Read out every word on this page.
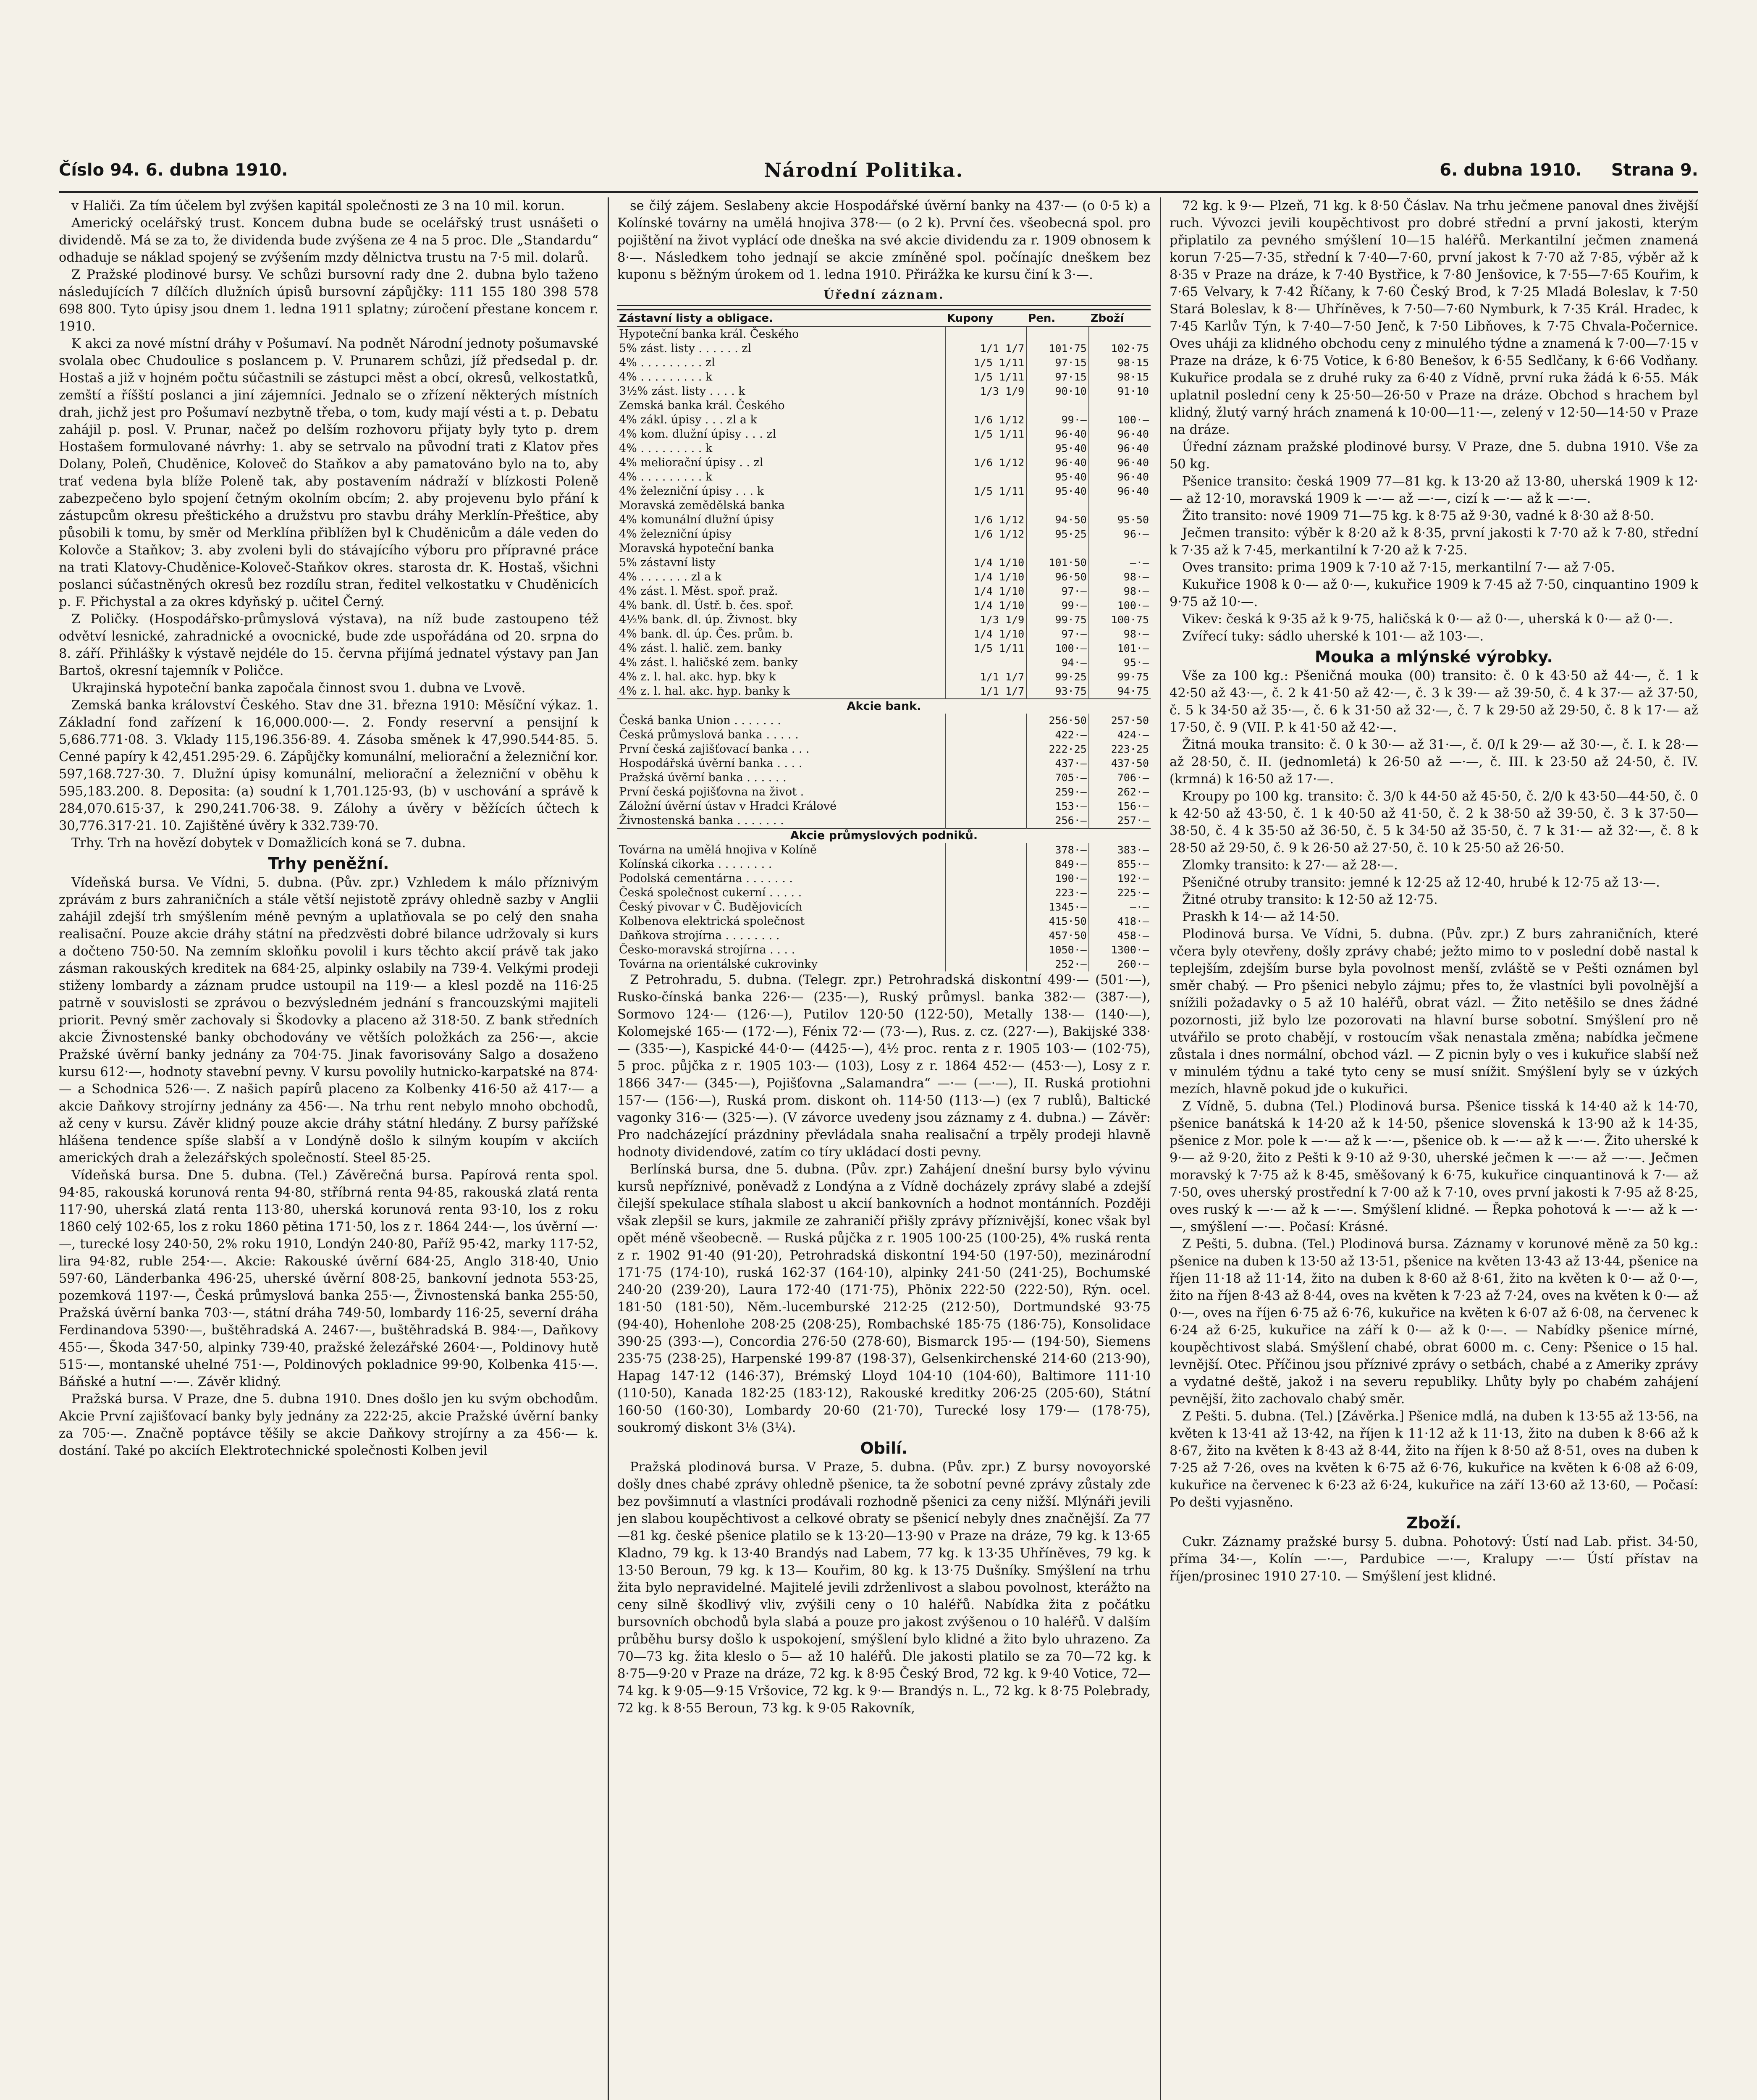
Číslo 94. 6. dubna 1910.	Národní Politika.	6. dubna 1910. Strana 9.

v Haliči. Za tím účelem byl zvýšen kapitál společnosti ze 3 na 10 mil. korun.

Americký ocelářský trust. Koncem dubna bude se ocelářský trust usnášeti o dividendě. Má se za to, že dividenda bude zvýšena ze 4 na 5 proc. Dle „Standardu“ odhaduje se náklad spojený se zvýšením mzdy dělnictva trustu na 7·5 mil. dolarů.

Z Pražské plodinové bursy. Ve schůzi bursovní rady dne 2. dubna bylo taženo následujících 7 dílčích dlužních úpisů bursovní zápůjčky: 111 155 180 398 578 698 800. Tyto úpisy jsou dnem 1. ledna 1911 splatny; zúročení přestane koncem r. 1910.

K akci za nové místní dráhy v Pošumaví. Na podnět Národní jednoty pošumavské svolala obec Chudoulice s poslancem p. V. Prunarem schůzi, jíž předsedal p. dr. Hostaš a již v hojném počtu súčastnili se zástupci měst a obcí, okresů, velkostatků, zemští a říšští poslanci a jiní zájemníci. Jednalo se o zřízení některých místních drah, jichž jest pro Pošumaví nezbytně třeba, o tom, kudy mají vésti a t. p. Debatu zahájil p. posl. V. Prunar, načež po delším rozhovoru přijaty byly tyto p. drem Hostašem formulované návrhy: 1. aby se setrvalo na původní trati z Klatov přes Dolany, Poleň, Chuděnice, Koloveč do Staňkov a aby pamatováno bylo na to, aby trať vedena byla blíže Poleně tak, aby postavením nádraží v blízkosti Poleně zabezpečeno bylo spojení četným okolním obcím; 2. aby projevenu bylo přání k zástupcům okresu přeštického a družstvu pro stavbu dráhy Merklín-Přeštice, aby působili k tomu, by směr od Merklína přiblížen byl k Chuděnicům a dále veden do Kolovče a Staňkov; 3. aby zvoleni byli do stávajícího výboru pro přípravné práce na trati Klatovy-Chuděnice-Koloveč-Staňkov okres. starosta dr. K. Hostaš, všichni poslanci súčastněných okresů bez rozdílu stran, ředitel velkostatku v Chuděnicích p. F. Přichystal a za okres kdyňský p. učitel Černý.

Z Poličky. (Hospodářsko-průmyslová výstava), na níž bude zastoupeno též odvětví lesnické, zahradnické a ovocnické, bude zde uspořádána od 20. srpna do 8. září. Přihlášky k výstavě nejdéle do 15. června přijímá jednatel výstavy pan Jan Bartoš, okresní tajemník v Poličce.

Ukrajinská hypoteční banka započala činnost svou 1. dubna ve Lvově.

Zemská banka království Českého. Stav dne 31. března 1910: Měsíční výkaz. 1. Základní fond zařízení k 16,000.000·—. 2. Fondy reservní a pensijní k 5,686.771·08. 3. Vklady 115,196.356·89. 4. Zásoba směnek k 47,990.544·85. 5. Cenné papíry k 42,451.295·29. 6. Zápůjčky komunální, meliorační a železniční kor. 597,168.727·30. 7. Dlužní úpisy komunální, meliorační a železniční v oběhu k 595,183.200. 8. Deposita: (a) soudní k 1,701.125·93, (b) v uschování a správě k 284,070.615·37, k 290,241.706·38. 9. Zálohy a úvěry v běžících účtech k 30,776.317·21. 10. Zajištěné úvěry k 332.739·70.

Trhy. Trh na hovězí dobytek v Domažlicích koná se 7. dubna.

Trhy peněžní.

Vídeňská bursa. Ve Vídni, 5. dubna. (Pův. zpr.) Vzhledem k málo příznivým zprávám z burs zahraničních a stále větší nejistotě zprávy ohledně sazby v Anglii zahájil zdejší trh smýšlením méně pevným a uplatňovala se po celý den snaha realisační. Pouze akcie dráhy státní na předzvěsti dobré bilance udržovaly si kurs a dočteno 750·50. Na zemním skloňku povolil i kurs těchto akcií právě tak jako zásman rakouských kreditek na 684·25, alpinky oslabily na 739·4. Velkými prodeji stiženy lombardy a záznam prudce ustoupil na 119·— a klesl pozdě na 116·25 patrně v souvislosti se zprávou o bezvýsledném jednání s francouzskými majiteli priorit. Pevný směr zachovaly si Škodovky a placeno až 318·50. Z bank středních akcie Živnostenské banky obchodovány ve větších položkách za 256·—, akcie Pražské úvěrní banky jednány za 704·75. Jinak favorisovány Salgo a dosaženo kursu 612·—, hodnoty stavební pevny. V kursu povolily hutnicko-karpatské na 874·— a Schodnica 526·—. Z našich papírů placeno za Kolbenky 416·50 až 417·— a akcie Daňkovy strojírny jednány za 456·—. Na trhu rent nebylo mnoho obchodů, až ceny v kursu. Závěr klidný pouze akcie dráhy státní hledány. Z bursy pařížské hlášena tendence spíše slabší a v Londýně došlo k silným koupím v akciích amerických drah a železářských společností. Steel 85·25.

Vídeňská bursa. Dne 5. dubna. (Tel.) Závěrečná bursa. Papírová renta spol. 94·85, rakouská korunová renta 94·80, stříbrná renta 94·85, rakouská zlatá renta 117·90, uherská zlatá renta 113·80, uherská korunová renta 93·10, los z roku 1860 celý 102·65, los z roku 1860 pětina 171·50, los z r. 1864 244·—, los úvěrní —·—, turecké losy 240·50, 2% roku 1910, Londýn 240·80, Paříž 95·42, marky 117·52, lira 94·82, ruble 254·—. Akcie: Rakouské úvěrní 684·25, Anglo 318·40, Unio 597·60, Länderbanka 496·25, uherské úvěrní 808·25, bankovní jednota 553·25, pozemková 1197·—, Česká průmyslová banka 255·—, Živnostenská banka 255·50, Pražská úvěrní banka 703·—, státní dráha 749·50, lombardy 116·25, severní dráha Ferdinandova 5390·—, buštěhradská A. 2467·—, buštěhradská B. 984·—, Daňkovy 455·—, Škoda 347·50, alpinky 739·40, pražské železářské 2604·—, Poldinovy hutě 515·—, montanské uhelné 751·—, Poldinových pokladnice 99·90, Kolbenka 415·—. Báňské a hutní —·—. Závěr klidný.

Pražská bursa. V Praze, dne 5. dubna 1910. Dnes došlo jen ku svým obchodům. Akcie První zajišťovací banky byly jednány za 222·25, akcie Pražské úvěrní banky za 705·—. Značně poptávce těšily se akcie Daňkovy strojírny a za 456·— k. dostání. Také po akciích Elektrotechnické společnosti Kolben jevil

se čilý zájem. Seslabeny akcie Hospodářské úvěrní banky na 437·— (o 0·5 k) a Kolínské továrny na umělá hnojiva 378·— (o 2 k). První čes. všeobecná spol. pro pojištění na život vyplácí ode dneška na své akcie dividendu za r. 1909 obnosem k 8·—. Následkem toho jednají se akcie zmíněné spol. počínajíc dneškem bez kuponu s běžným úrokem od 1. ledna 1910. Přirážka ke kursu činí k 3·—.

Úřední záznam.
Zástavní listy a obligace.	Kupony	Pen.	Zboží
Hypoteční banka král. Českého			
5% zást. listy . . . . . . zl	1/1 1/7	101·75	102·75
4% . . . . . . . . . zl	1/5 1/11	97·15	98·15
4% . . . . . . . . . k	1/5 1/11	97·15	98·15
3½% zást. listy . . . . k	1/3 1/9	90·10	91·10
Zemská banka král. Českého			
4% zákl. úpisy . . . zl a k	1/6 1/12	99·—	100·—
4% kom. dlužní úpisy . . . zl	1/5 1/11	96·40	96·40
4% . . . . . . . . . k		95·40	96·40
4% meliorační úpisy . . zl	1/6 1/12	96·40	96·40
4% . . . . . . . . . k		95·40	96·40
4% železniční úpisy . . . k	1/5 1/11	95·40	96·40
Moravská zemědělská banka			
4% komunální dlužní úpisy	1/6 1/12	94·50	95·50
4% železniční úpisy	1/6 1/12	95·25	96·—
Moravská hypoteční banka			
5% zástavní listy	1/4 1/10	101·50	—·—
4% . . . . . . . zl a k	1/4 1/10	96·50	98·—
4% zást. l. Měst. spoř. praž.	1/4 1/10	97·—	98·—
4% bank. dl. Ústř. b. čes. spoř.	1/4 1/10	99·—	100·—
4½% bank. dl. úp. Živnost. bky	1/3 1/9	99·75	100·75
4% bank. dl. úp. Čes. prům. b.	1/4 1/10	97·—	98·—
4% zást. l. halič. zem. banky	1/5 1/11	100·—	101·—
4% zást. l. haličské zem. banky		94·—	95·—
4% z. l. hal. akc. hyp. bky k	1/1 1/7	99·25	99·75
4% z. l. hal. akc. hyp. banky k	1/1 1/7	93·75	94·75
Akcie bank.			
Česká banka Union . . . . . . .		256·50	257·50
Česká průmyslová banka . . . . .		422·—	424·—
První česká zajišťovací banka . . .		222·25	223·25
Hospodářská úvěrní banka . . . .		437·—	437·50
Pražská úvěrní banka . . . . . .		705·—	706·—
První česká pojišťovna na život .		259·—	262·—
Záložní úvěrní ústav v Hradci Králové		153·—	156·—
Živnostenská banka . . . . . . .		256·—	257·—
Akcie průmyslových podniků.			
Továrna na umělá hnojiva v Kolíně		378·—	383·—
Kolínská cikorka . . . . . . . .		849·—	855·—
Podolská cementárna . . . . . . .		190·—	192·—
Česká společnost cukerní . . . . .		223·—	225·—
Český pivovar v Č. Budějovicích		1345·—	—·—
Kolbenova elektrická společnost		415·50	418·—
Daňkova strojírna . . . . . . . .		457·50	458·—
Česko-moravská strojírna . . . .		1050·—	1300·—
Továrna na orientálské cukrovinky		252·—	260·—

Z Petrohradu, 5. dubna. (Telegr. zpr.) Petrohradská diskontní 499·— (501·—), Rusko-čínská banka 226·— (235·—), Ruský průmysl. banka 382·— (387·—), Sormovo 124·— (126·—), Putilov 120·50 (122·50), Metally 138·— (140·—), Kolomejské 165·— (172·—), Fénix 72·— (73·—), Rus. z. cz. (227·—), Bakijské 338·— (335·—), Kaspické 44·0·— (4425·—), 4½ proc. renta z r. 1905 103·— (102·75), 5 proc. půjčka z r. 1905 103·— (103), Losy z r. 1864 452·— (453·—), Losy z r. 1866 347·— (345·—), Pojišťovna „Salamandra“ —·— (—·—), II. Ruská protiohni 157·— (156·—), Ruská prom. diskont oh. 114·50 (113·—) (ex 7 rublů), Baltické vagonky 316·— (325·—). (V závorce uvedeny jsou záznamy z 4. dubna.) — Závěr: Pro nadcházející prázdniny převládala snaha realisační a trpěly prodeji hlavně hodnoty dividendové, zatím co tíry ukládací dosti pevny.

Berlínská bursa, dne 5. dubna. (Pův. zpr.) Zahájení dnešní bursy bylo vývinu kursů nepříznivé, poněvadž z Londýna a z Vídně docházely zprávy slabé a zdejší čilejší spekulace stíhala slabost u akcií bankovních a hodnot montánních. Později však zlepšil se kurs, jakmile ze zahraničí přišly zprávy příznivější, konec však byl opět méně všeobecně. — Ruská půjčka z r. 1905 100·25 (100·25), 4% ruská renta z r. 1902 91·40 (91·20), Petrohradská diskontní 194·50 (197·50), mezinárodní 171·75 (174·10), ruská 162·37 (164·10), alpinky 241·50 (241·25), Bochumské 240·20 (239·20), Laura 172·40 (171·75), Phönix 222·50 (222·50), Rýn. ocel. 181·50 (181·50), Něm.-lucemburské 212·25 (212·50), Dortmundské 93·75 (94·40), Hohenlohe 208·25 (208·25), Rombachské 185·75 (186·75), Konsolidace 390·25 (393·—), Concordia 276·50 (278·60), Bismarck 195·— (194·50), Siemens 235·75 (238·25), Harpenské 199·87 (198·37), Gelsenkirchenské 214·60 (213·90), Hapag 147·12 (146·37), Brémský Lloyd 104·10 (104·60), Baltimore 111·10 (110·50), Kanada 182·25 (183·12), Rakouské kreditky 206·25 (205·60), Státní 160·50 (160·30), Lombardy 20·60 (21·70), Turecké losy 179·— (178·75), soukromý diskont 3⅛ (3¼).

Obilí.

Pražská plodinová bursa. V Praze, 5. dubna. (Pův. zpr.) Z bursy novoyorské došly dnes chabé zprávy ohledně pšenice, ta že sobotní pevné zprávy zůstaly zde bez povšimnutí a vlastníci prodávali rozhodně pšenici za ceny nižší. Mlýnáři jevili jen slabou koupěchtivost a celkové obraty se pšenicí nebyly dnes značnější. Za 77—81 kg. české pšenice platilo se k 13·20—13·90 v Praze na dráze, 79 kg. k 13·65 Kladno, 79 kg. k 13·40 Brandýs nad Labem, 77 kg. k 13·35 Uhříněves, 79 kg. k 13·50 Beroun, 79 kg. k 13— Kouřim, 80 kg. k 13·75 Dušníky. Smýšlení na trhu žita bylo nepravidelné. Majitelé jevili zdrženlivost a slabou povolnost, kterážto na ceny silně škodlivý vliv, zvýšili ceny o 10 haléřů. Nabídka žita z počátku bursovních obchodů byla slabá a pouze pro jakost zvýšenou o 10 haléřů. V dalším průběhu bursy došlo k uspokojení, smýšlení bylo klidné a žito bylo uhrazeno. Za 70—73 kg. žita kleslo o 5— až 10 haléřů. Dle jakosti platilo se za 70—72 kg. k 8·75—9·20 v Praze na dráze, 72 kg. k 8·95 Český Brod, 72 kg. k 9·40 Votice, 72—74 kg. k 9·05—9·15 Vršovice, 72 kg. k 9·— Brandýs n. L., 72 kg. k 8·75 Polebrady, 72 kg. k 8·55 Beroun, 73 kg. k 9·05 Rakovník,

72 kg. k 9·— Plzeň, 71 kg. k 8·50 Čáslav. Na trhu ječmene panoval dnes živější ruch. Vývozci jevili koupěchtivost pro dobré střední a první jakosti, kterým připlatilo za pevného smýšlení 10—15 haléřů. Merkantilní ječmen znamená korun 7·25—7·35, střední k 7·40—7·60, první jakost k 7·70 až 7·85, výběr až k 8·35 v Praze na dráze, k 7·40 Bystřice, k 7·80 Jenšovice, k 7·55—7·65 Kouřim, k 7·65 Velvary, k 7·42 Říčany, k 7·60 Český Brod, k 7·25 Mladá Boleslav, k 7·50 Stará Boleslav, k 8·— Uhříněves, k 7·50—7·60 Nymburk, k 7·35 Král. Hradec, k 7·45 Karlův Týn, k 7·40—7·50 Jenč, k 7·50 Libňoves, k 7·75 Chvala-Počernice. Oves uháji za klidného obchodu ceny z minulého týdne a znamená k 7·00—7·15 v Praze na dráze, k 6·75 Votice, k 6·80 Benešov, k 6·55 Sedlčany, k 6·66 Vodňany. Kukuřice prodala se z druhé ruky za 6·40 z Vídně, první ruka žádá k 6·55. Mák uplatnil poslední ceny k 25·50—26·50 v Praze na dráze. Obchod s hrachem byl klidný, žlutý varný hrách znamená k 10·00—11·—, zelený v 12·50—14·50 v Praze na dráze.

Úřední záznam pražské plodinové bursy. V Praze, dne 5. dubna 1910. Vše za 50 kg.

Pšenice transito: česká 1909 77—81 kg. k 13·20 až 13·80, uherská 1909 k 12·— až 12·10, moravská 1909 k —·— až —·—, cizí k —·— až k —·—.

Žito transito: nové 1909 71—75 kg. k 8·75 až 9·30, vadné k 8·30 až 8·50.

Ječmen transito: výběr k 8·20 až k 8·35, první jakosti k 7·70 až k 7·80, střední k 7·35 až k 7·45, merkantilní k 7·20 až k 7·25.

Oves transito: prima 1909 k 7·10 až 7·15, merkantilní 7·— až 7·05.

Kukuřice 1908 k 0·— až 0·—, kukuřice 1909 k 7·45 až 7·50, cinquantino 1909 k 9·75 až 10·—.

Vikev: česká k 9·35 až k 9·75, haličská k 0·— až 0·—, uherská k 0·— až 0·—.

Zvířecí tuky: sádlo uherské k 101·— až 103·—.

Mouka a mlýnské výrobky.

Vše za 100 kg.: Pšeničná mouka (00) transito: č. 0 k 43·50 až 44·—, č. 1 k 42·50 až 43·—, č. 2 k 41·50 až 42·—, č. 3 k 39·— až 39·50, č. 4 k 37·— až 37·50, č. 5 k 34·50 až 35·—, č. 6 k 31·50 až 32·—, č. 7 k 29·50 až 29·50, č. 8 k 17·— až 17·50, č. 9 (VII. P. k 41·50 až 42·—.

Žitná mouka transito: č. 0 k 30·— až 31·—, č. 0/I k 29·— až 30·—, č. I. k 28·— až 28·50, č. II. (jednomletá) k 26·50 až —·—, č. III. k 23·50 až 24·50, č. IV. (krmná) k 16·50 až 17·—.

Kroupy po 100 kg. transito: č. 3/0 k 44·50 až 45·50, č. 2/0 k 43·50—44·50, č. 0 k 42·50 až 43·50, č. 1 k 40·50 až 41·50, č. 2 k 38·50 až 39·50, č. 3 k 37·50—38·50, č. 4 k 35·50 až 36·50, č. 5 k 34·50 až 35·50, č. 7 k 31·— až 32·—, č. 8 k 28·50 až 29·50, č. 9 k 26·50 až 27·50, č. 10 k 25·50 až 26·50.

Zlomky transito: k 27·— až 28·—.

Pšeničné otruby transito: jemné k 12·25 až 12·40, hrubé k 12·75 až 13·—.

Žitné otruby transito: k 12·50 až 12·75.

Praskh k 14·— až 14·50.

Plodinová bursa. Ve Vídni, 5. dubna. (Pův. zpr.) Z burs zahraničních, které včera byly otevřeny, došly zprávy chabé; ježto mimo to v poslední době nastal k teplejším, zdejším burse byla povolnost menší, zvláště se v Pešti oznámen byl směr chabý. — Pro pšenici nebylo zájmu; přes to, že vlastníci byli povolnější a snížili požadavky o 5 až 10 haléřů, obrat vázl. — Žito netěšilo se dnes žádné pozornosti, již bylo lze pozorovati na hlavní burse sobotní. Smýšlení pro ně utvářilo se proto chabějí, v rostoucím však nenastala změna; nabídka ječmene zůstala i dnes normální, obchod vázl. — Z picnin byly o ves i kukuřice slabší než v minulém týdnu a také tyto ceny se musí snížit. Smýšlení byly se v úzkých mezích, hlavně pokud jde o kukuřici.

Z Vídně, 5. dubna (Tel.) Plodinová bursa. Pšenice tisská k 14·40 až k 14·70, pšenice banátská k 14·20 až k 14·50, pšenice slovenská k 13·90 až k 14·35, pšenice z Mor. pole k —·— až k —·—, pšenice ob. k —·— až k —·—. Žito uherské k 9·— až 9·20, žito z Pešti k 9·10 až 9·30, uherské ječmen k —·— až —·—. Ječmen moravský k 7·75 až k 8·45, směšovaný k 6·75, kukuřice cinquantinová k 7·— až 7·50, oves uherský prostřední k 7·00 až k 7·10, oves první jakosti k 7·95 až 8·25, oves ruský k —·— až k —·—. Smýšlení klidné. — Řepka pohotová k —·— až k —·—, smýšlení —·—. Počasí: Krásné.

Z Pešti, 5. dubna. (Tel.) Plodinová bursa. Záznamy v korunové měně za 50 kg.: pšenice na duben k 13·50 až 13·51, pšenice na květen 13·43 až 13·44, pšenice na říjen 11·18 až 11·14, žito na duben k 8·60 až 8·61, žito na květen k 0·— až 0·—, žito na říjen 8·43 až 8·44, oves na květen k 7·23 až 7·24, oves na květen k 0·— až 0·—, oves na říjen 6·75 až 6·76, kukuřice na květen k 6·07 až 6·08, na červenec k 6·24 až 6·25, kukuřice na září k 0·— až k 0·—. — Nabídky pšenice mírné, koupěchtivost slabá. Smýšlení chabé, obrat 6000 m. c. Ceny: Pšenice o 15 hal. levnější. Otec. Příčinou jsou příznivé zprávy o setbách, chabé a z Ameriky zprávy a vydatné deště, jakož i na severu republiky. Lhůty byly po chabém zahájení pevnější, žito zachovalo chabý směr.

Z Pešti. 5. dubna. (Tel.) [Závěrka.] Pšenice mdlá, na duben k 13·55 až 13·56, na květen k 13·41 až 13·42, na říjen k 11·12 až k 11·13, žito na duben k 8·66 až k 8·67, žito na květen k 8·43 až 8·44, žito na říjen k 8·50 až 8·51, oves na duben k 7·25 až 7·26, oves na květen k 6·75 až 6·76, kukuřice na květen k 6·08 až 6·09, kukuřice na červenec k 6·23 až 6·24, kukuřice na září 13·60 až 13·60, — Počasí: Po dešti vyjasněno.

Zboží.

Cukr. Záznamy pražské bursy 5. dubna. Pohotový: Ústí nad Lab. přist. 34·50, příma 34·—, Kolín —·—, Pardubice —·—, Kralupy —·— Ústí přístav na říjen/prosinec 1910 27·10. — Smýšlení jest klidné.
